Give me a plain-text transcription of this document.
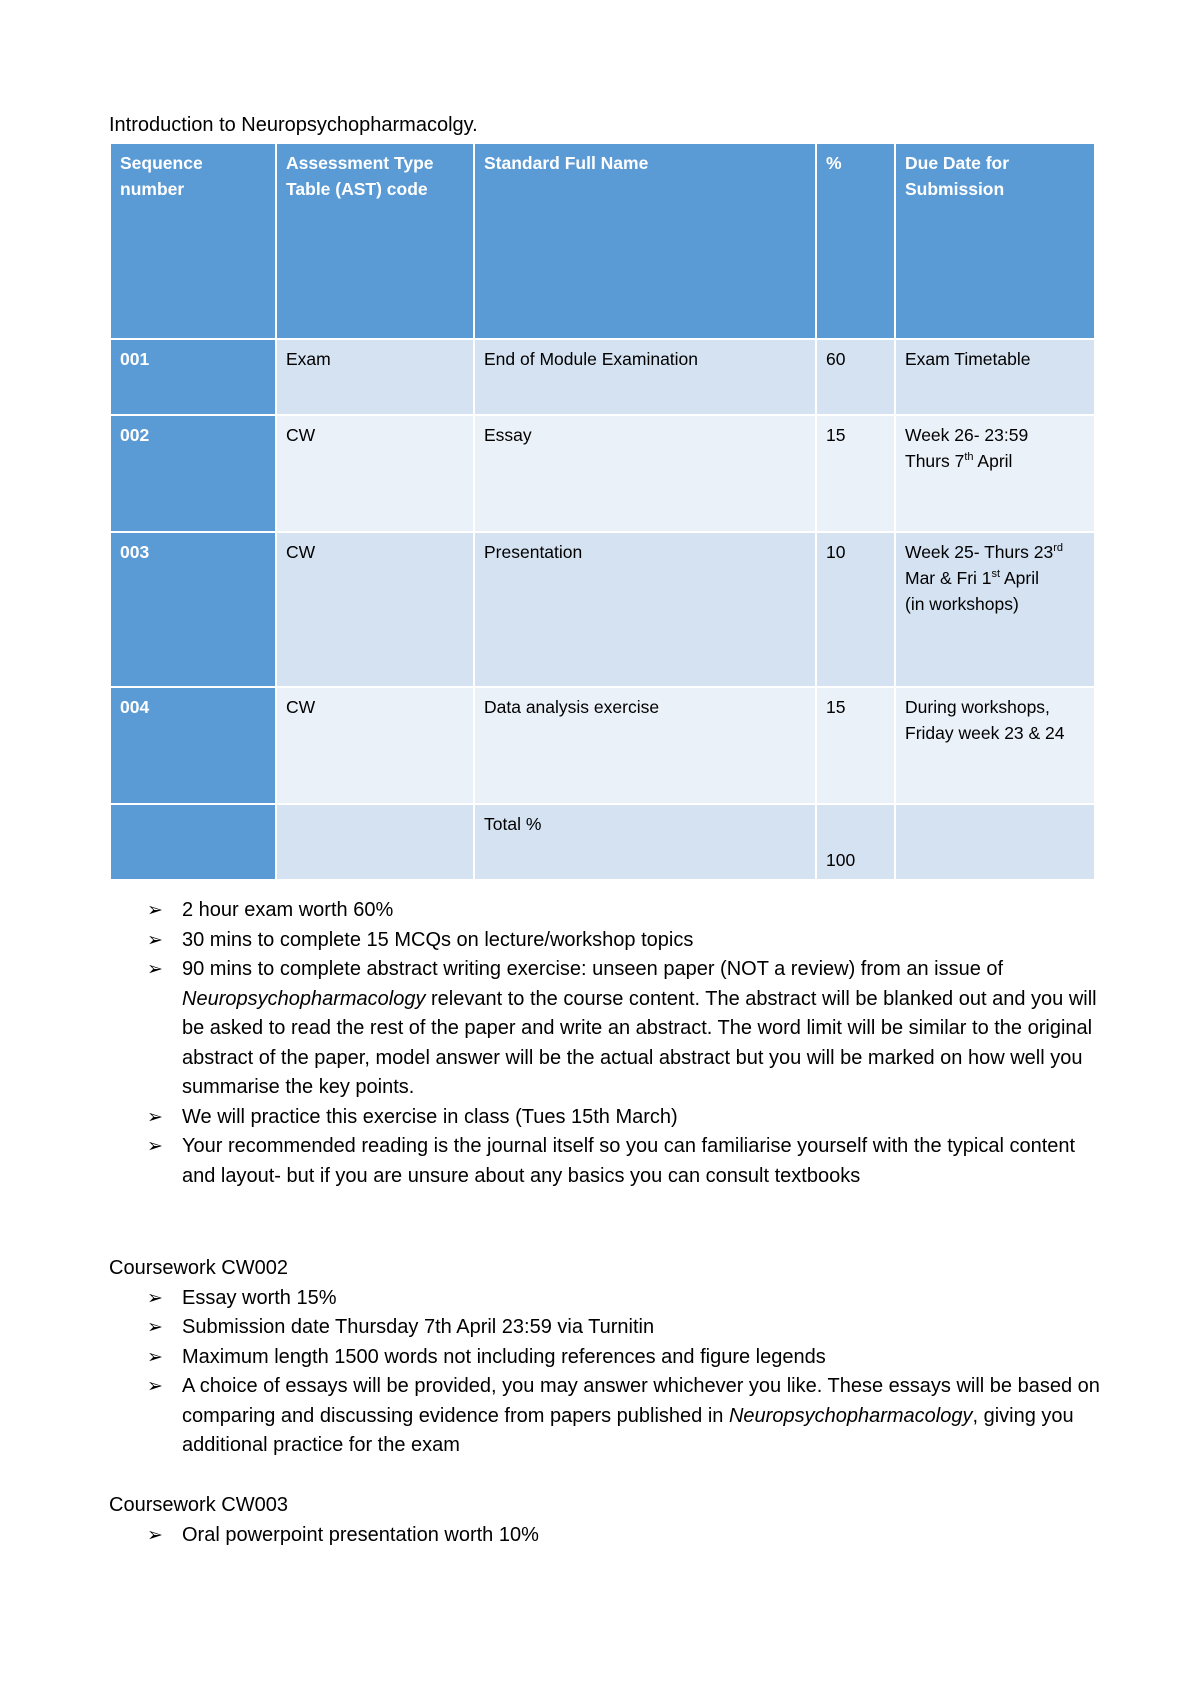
Introduction to Neuropsychopharmacolgy.
Sequence number	Assessment Type Table (AST) code	Standard Full Name	%	Due Date for Submission
001	Exam	End of Module Examination	60	Exam Timetable
002	CW	Essay	15	Week 26- 23:59
Thurs 7th April
003	CW	Presentation	10	Week 25- Thurs 23rd
Mar & Fri 1st April
(in workshops)
004	CW	Data analysis exercise	15	During workshops, Friday week 23 & 24
		Total %	100	
➢ 2 hour exam worth 60%
➢ 30 mins to complete 15 MCQs on lecture/workshop topics
➢ 90 mins to complete abstract writing exercise: unseen paper (NOT a review) from an issue of Neuropsychopharmacology relevant to the course content. The abstract will be blanked out and you will be asked to read the rest of the paper and write an abstract. The word limit will be similar to the original abstract of the paper, model answer will be the actual abstract but you will be marked on how well you summarise the key points.
➢ We will practice this exercise in class (Tues 15th March)
➢ Your recommended reading is the journal itself so you can familiarise yourself with the typical content and layout- but if you are unsure about any basics you can consult textbooks
Coursework CW002
➢ Essay worth 15%
➢ Submission date Thursday 7th April 23:59 via Turnitin
➢ Maximum length 1500 words not including references and figure legends
➢ A choice of essays will be provided, you may answer whichever you like. These essays will be based on comparing and discussing evidence from papers published in Neuropsychopharmacology, giving you additional practice for the exam
Coursework CW003
➢ Oral powerpoint presentation worth 10%
